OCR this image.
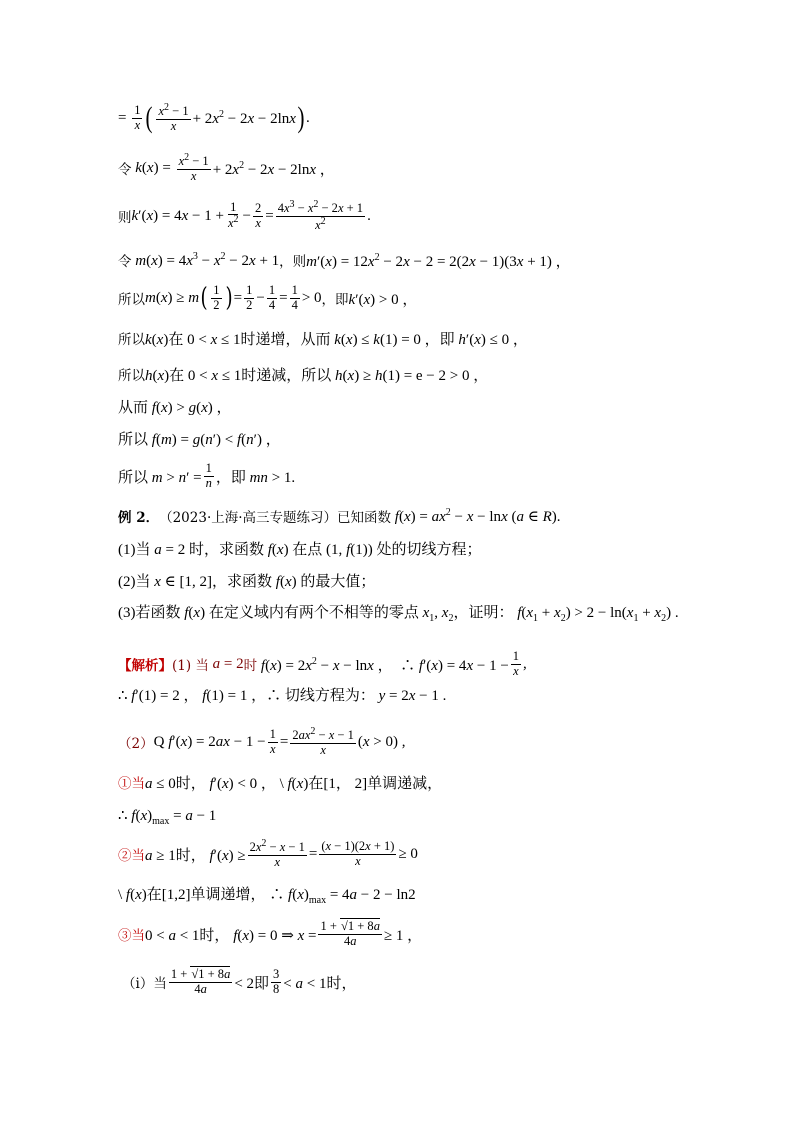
= $\frac{1}{x}$ ( $\frac{x^2 - 1}{x} + 2x^2 - 2x - 2\ln x$ ) .
令 $k(x) = \frac{x^2 - 1}{x} + 2x^2 - 2x - 2\ln x$ ，
则 $k'(x) = 4x - 1 + \frac{1}{x^2} - \frac{2}{x} = \frac{4x^3 - x^2 - 2x + 1}{x^2}$ .
令 $m(x) = 4x^3 - x^2 - 2x + 1$ ，则 $m'(x) = 12x^2 - 2x - 2 = 2(2x - 1)(3x + 1)$ ，
所以 m(x) ≥ m ( $\frac{1}{2}$ ) = $\frac{1}{2} - \frac{1}{4} = \frac{1}{4} > 0$ ，即 k′(x) > 0 ，
所以 k(x)在 0 < x ≤ 1时递增，从而 k(x) ≤ k(1) = 0 ，即 h′(x) ≤ 0 ，
所以 h(x)在 0 < x ≤ 1时递减，所以 h(x) ≥ h(1) = e − 2 > 0 ，
从而 f(x) > g(x) ，
所以 f(m) = g(n′) < f(n′) ，
所以 $m > n' = \frac{1}{n}$ ，即 mn > 1.
例 2． （2023·上海·高三专题练习）已知函数 $f(x) = ax^2 - x - \ln x$ (a ∈ R).
(1)当 a = 2 时，求函数 f(x) 在点 (1, f(1)) 处的切线方程；
(2)当 x ∈ [1, 2]，求函数 f(x) 的最大值；
(3)若函数 f(x) 在定义域内有两个不相等的零点 $x_1$, $x_2$，证明： $f(x_1 + x_2) > 2 - \ln(x_1 + x_2)$ .
【解析】 (1) 当 a = 2 时 $f(x) = 2x^2 - x - \ln x$ ，  ∴ $f'(x) = 4x - 1 - \frac{1}{x}$ ,
∴ f′(1) = 2 ， f(1) = 1 ，∴ 切线方程为： y = 2x − 1 .
（2） Q $f'(x) = 2ax - 1 - \frac{1}{x} = \frac{2ax^2 - x - 1}{x} (x > 0)$ ,
①当 a ≤ 0时， f′(x) < 0 ， \ f(x)在[1， 2]单调递减，
∴ $f(x)_{max} = a - 1$
②当 a ≥ 1时， $f'(x) \ge \frac{2x^2 - x - 1}{x} = \frac{(x - 1)(2x + 1)}{x} \ge 0$
\ f(x)在[1,2]单调递增， ∴ $f(x)_{max} = 4a - 2 - \ln 2$
③当 0 < a < 1时， f(x) = 0 ⇒ $x = \frac{1 + √1 + 8a}{4a} \ge 1$ ，
（i）当 $\frac{1 + √1 + 8a}{4a} < 2$即 $\frac{3}{8} < a < 1$时，
